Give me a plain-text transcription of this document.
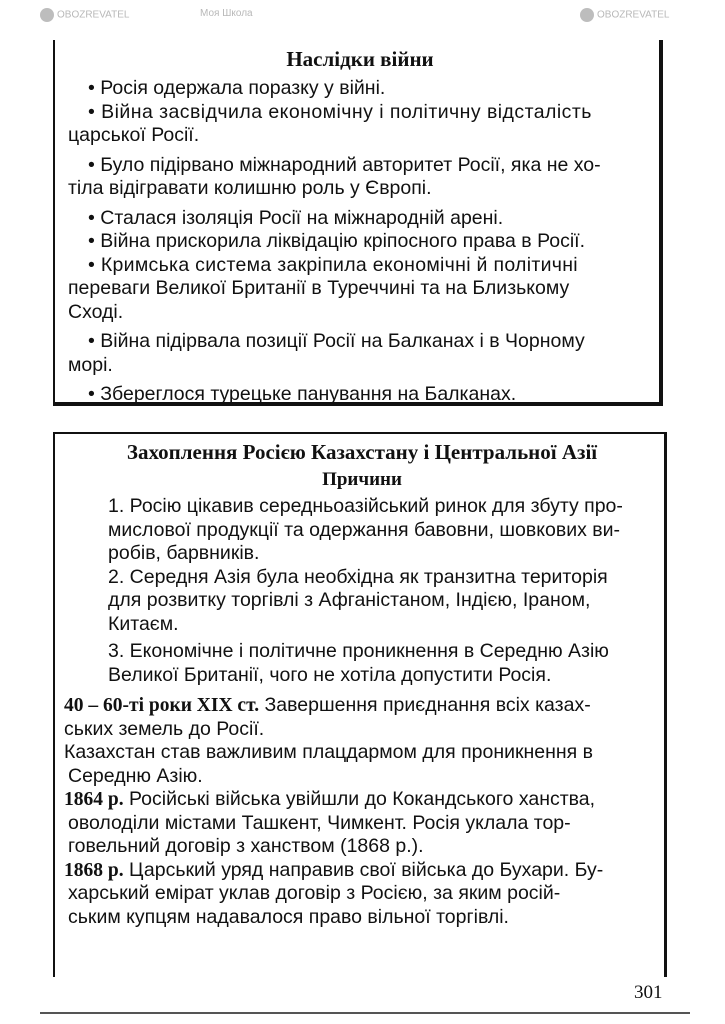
OBOZREVATEL	Моя Школа	OBOZREVATEL

Наслідки війни

• Росія одержала поразку у війні.

• Війна засвідчила економічну і політичну відсталість

царської Росії.

• Було підірвано міжнародний авторитет Росії, яка не хо-

тіла відігравати колишню роль у Європі.

• Сталася ізоляція Росії на міжнародній арені.

• Війна прискорила ліквідацію кріпосного права в Росії.

• Кримська система закріпила економічні й політичні

переваги Великої Британії в Туреччині та на Близькому

Сході.

• Війна підірвала позиції Росії на Балканах і в Чорному

морі.

• Збереглося турецьке панування на Балканах.

Захоплення Росією Казахстану і Центральної Азії

Причини

1. Росію цікавив середньоазійський ринок для збуту про-

мислової продукції та одержання бавовни, шовкових ви-

робів, барвників.

2. Середня Азія була необхідна як транзитна територія

для розвитку торгівлі з Афганістаном, Індією, Іраном,

Китаєм.

3. Економічне і політичне проникнення в Середню Азію

Великої Британії, чого не хотіла допустити Росія.

40 – 60-ті роки XIX ст. Завершення приєднання всіх казах-

ських земель до Росії.

Казахстан став важливим плацдармом для проникнення в

Середню Азію.

1864 р. Російські війська увійшли до Кокандського ханства,

оволоділи містами Ташкент, Чимкент. Росія уклала тор-

говельний договір з ханством (1868 р.).

1868 р. Царський уряд направив свої війська до Бухари. Бу-

харський емірат уклав договір з Росією, за яким росій-

ським купцям надавалося право вільної торгівлі.

301
